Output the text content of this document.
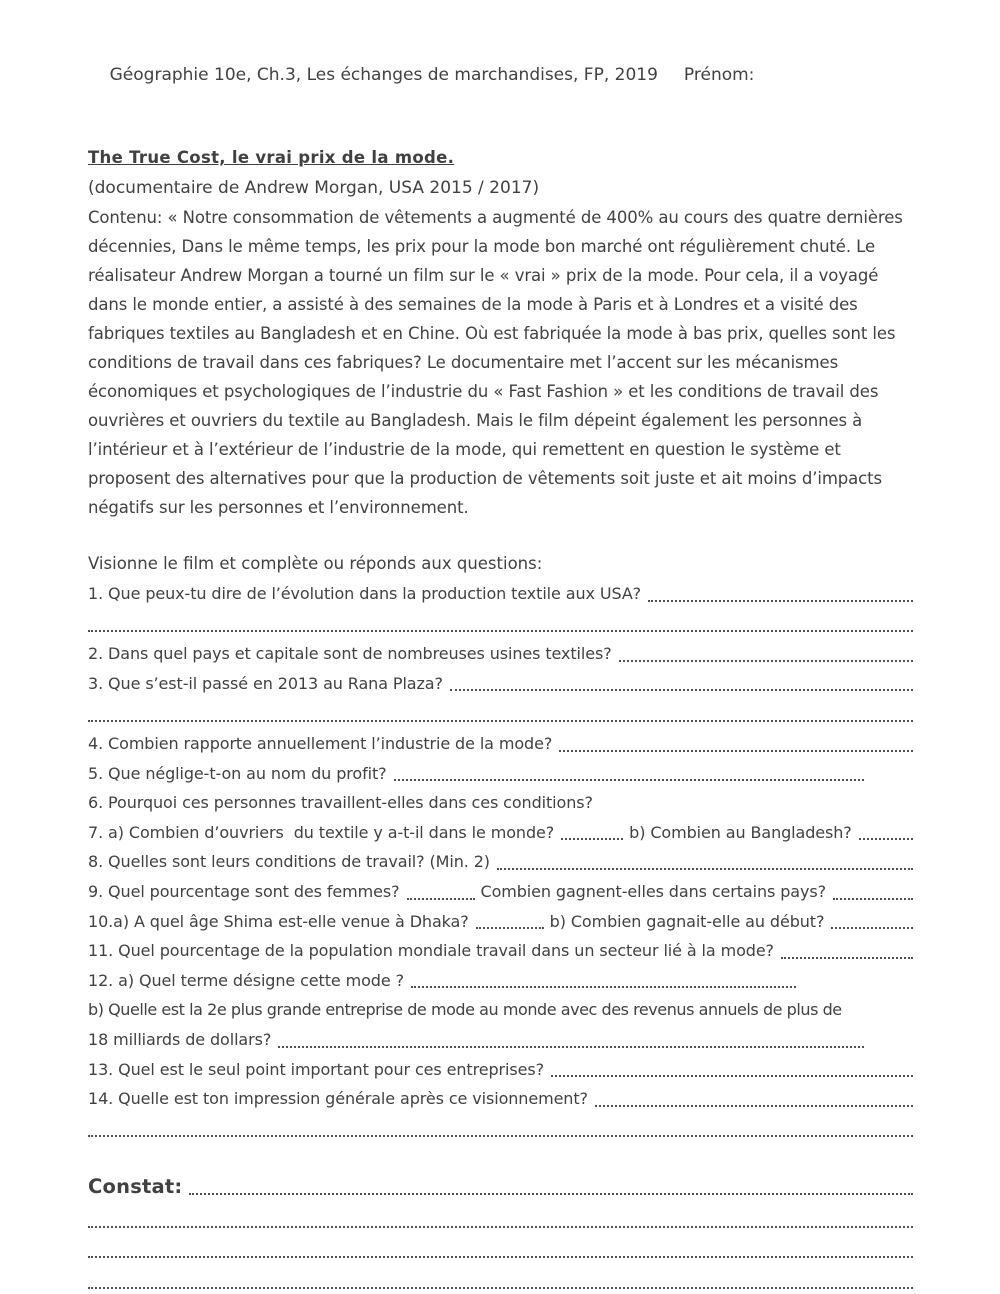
Géographie 10e, Ch.3, Les échanges de marchandises, FP, 2019 Prénom:

The True Cost, le vrai prix de la mode.
(documentaire de Andrew Morgan, USA 2015 / 2017)

Contenu: « Notre consommation de vêtements a augmenté de 400% au cours des quatre dernières décennies, Dans le même temps, les prix pour la mode bon marché ont régulièrement chuté. Le réalisateur Andrew Morgan a tourné un film sur le « vrai » prix de la mode. Pour cela, il a voyagé dans le monde entier, a assisté à des semaines de la mode à Paris et à Londres et a visité des fabriques textiles au Bangladesh et en Chine. Où est fabriquée la mode à bas prix, quelles sont les conditions de travail dans ces fabriques? Le documentaire met l’accent sur les mécanismes économiques et psychologiques de l’industrie du « Fast Fashion » et les conditions de travail des ouvrières et ouvriers du textile au Bangladesh. Mais le film dépeint également les personnes à l’intérieur et à l’extérieur de l’industrie de la mode, qui remettent en question le système et proposent des alternatives pour que la production de vêtements soit juste et ait moins d’impacts négatifs sur les personnes et l’environnement.

Visionne le film et complète ou réponds aux questions:
1. Que peux-tu dire de l’évolution dans la production textile aux USA?
2. Dans quel pays et capitale sont de nombreuses usines textiles?
3. Que s’est-il passé en 2013 au Rana Plaza?
4. Combien rapporte annuellement l’industrie de la mode?
5. Que néglige-t-on au nom du profit?
6. Pourquoi ces personnes travaillent-elles dans ces conditions?
7. a) Combien d’ouvriers  du textile y a-t-il dans le monde?	b) Combien au Bangladesh?
8. Quelles sont leurs conditions de travail? (Min. 2)
9. Quel pourcentage sont des femmes?	Combien gagnent-elles dans certains pays?
10.a) A quel âge Shima est-elle venue à Dhaka?	b) Combien gagnait-elle au début?
11. Quel pourcentage de la population mondiale travail dans un secteur lié à la mode?
12. a) Quel terme désigne cette mode ?
b) Quelle est la 2e plus grande entreprise de mode au monde avec des revenus annuels de plus de
18 milliards de dollars?
13. Quel est le seul point important pour ces entreprises?
14. Quelle est ton impression générale après ce visionnement?
Constat:
